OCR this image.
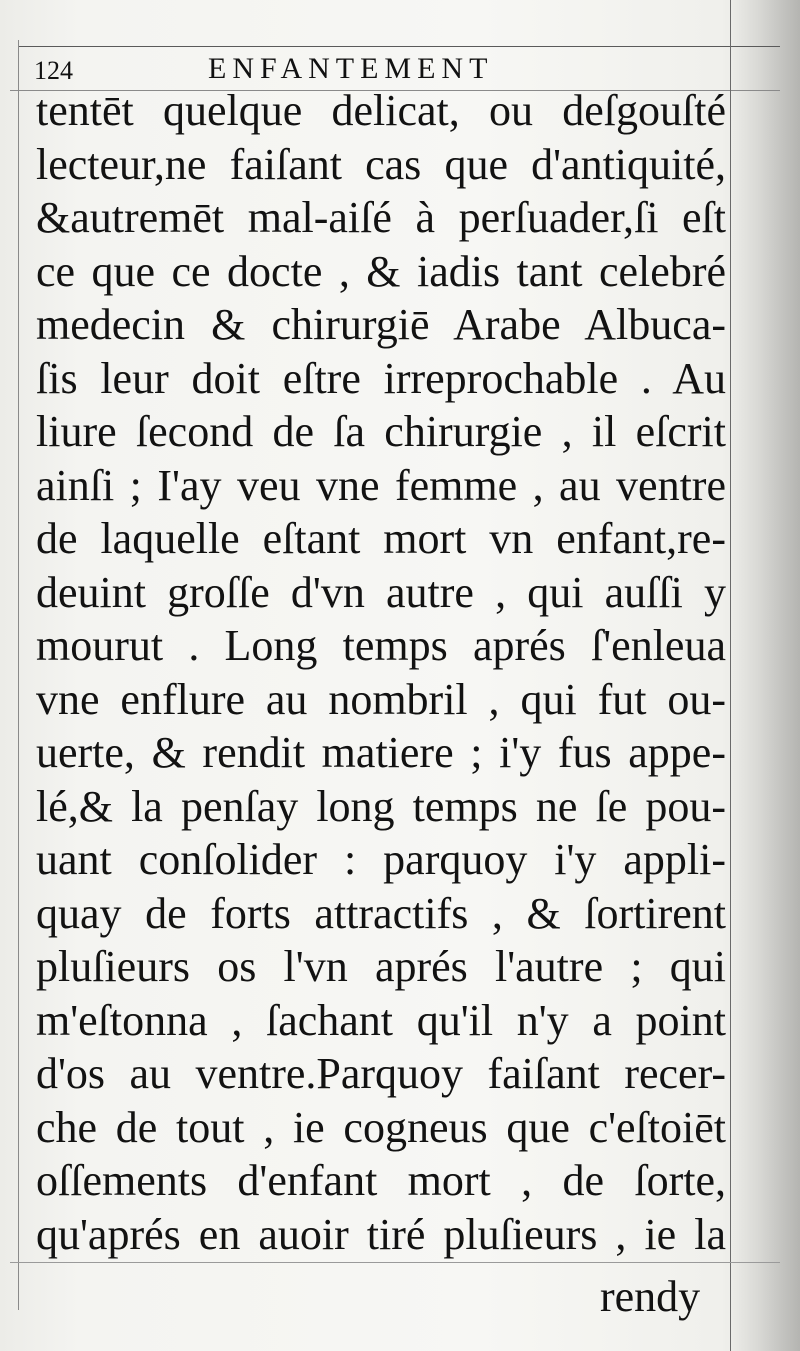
124	ENFANTEMENT
tentēt quelque delicat, ou deſgouſté
lecteur,ne faiſant cas que d'antiquité,
&autremēt mal-aiſé à perſuader,ſi eſt
ce que ce docte , & iadis tant celebré
medecin & chirurgiē Arabe Albuca-
ſis leur doit eſtre irreprochable . Au
liure ſecond de ſa chirurgie , il eſcrit
ainſi ; I'ay veu vne femme , au ventre
de laquelle eſtant mort vn enfant,re-
deuint groſſe d'vn autre , qui auſſi y
mourut . Long temps aprés ſ'enleua
vne enflure au nombril , qui fut ou-
uerte, & rendit matiere ; i'y fus appe-
lé,& la penſay long temps ne ſe pou-
uant conſolider : parquoy i'y appli-
quay de forts attractifs , & ſortirent
pluſieurs os l'vn aprés l'autre ; qui
m'eſtonna , ſachant qu'il n'y a point
d'os au ventre.Parquoy faiſant recer-
che de tout , ie cogneus que c'eſtoiēt
oſſements d'enfant mort , de ſorte,
qu'aprés en auoir tiré pluſieurs , ie la
rendy
